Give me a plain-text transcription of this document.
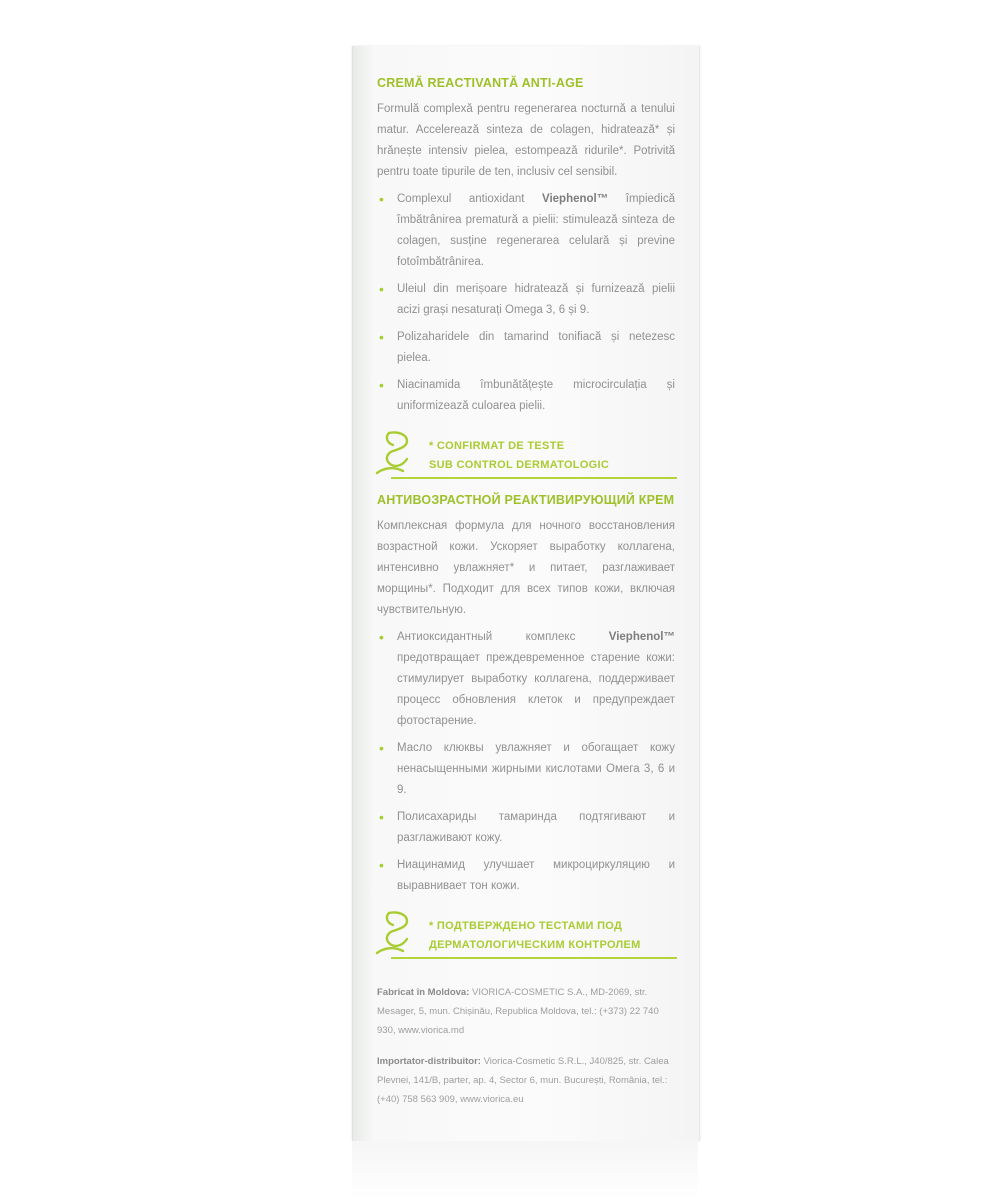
CREMĂ REACTIVANTĂ ANTI-AGE

Formulă complexă pentru regenerarea nocturnă a tenului matur. Accelerează sinteza de colagen, hidratează* și hrănește intensiv pielea, estompează ridurile*. Potrivită pentru toate tipurile de ten, inclusiv cel sensibil.

• Complexul antioxidant Viephenol™ împiedică îmbătrânirea prematură a pielii: stimulează sinteza de colagen, susține regenerarea celulară și previne fotoîmbătrânirea.
• Uleiul din merișoare hidratează și furnizează pielii acizi grași nesaturați Omega 3, 6 și 9.
• Polizaharidele din tamarind tonifiacă și netezesc pielea.
• Niacinamida îmbunătățește microcirculația și uniformizează culoarea pielii.
* CONFIRMAT DE TESTE
SUB CONTROL DERMATOLOGIC
АНТИВОЗРАСТНОЙ РЕАКТИВИРУЮЩИЙ КРЕМ

Комплексная формула для ночного восстановления возрастной кожи. Ускоряет выработку коллагена, интенсивно увлажняет* и питает, разглаживает морщины*. Подходит для всех типов кожи, включая чувствительную.

• Антиоксидантный комплекс Viephenol™ предотвращает преждевременное старение кожи: стимулирует выработку коллагена, поддерживает процесс обновления клеток и предупреждает фотостарение.
• Масло клюквы увлажняет и обогащает кожу ненасыщенными жирными кислотами Омега 3, 6 и 9.
• Полисахариды тамаринда подтягивают и разглаживают кожу.
• Ниацинамид улучшает микроциркуляцию и выравнивает тон кожи.
* ПОДТВЕРЖДЕНО ТЕСТАМИ ПОД
ДЕРМАТОЛОГИЧЕСКИМ КОНТРОЛЕМ
Fabricat în Moldova: VIORICA-COSMETIC S.A., MD-2069, str. Mesager, 5, mun. Chișinău, Republica Moldova, tel.: (+373) 22 740 930, www.viorica.md
Importator-distribuitor: Viorica-Cosmetic S.R.L., J40/825, str. Calea Plevnei, 141/B, parter, ap. 4, Sector 6, mun. București, România, tel.: (+40) 758 563 909, www.viorica.eu
